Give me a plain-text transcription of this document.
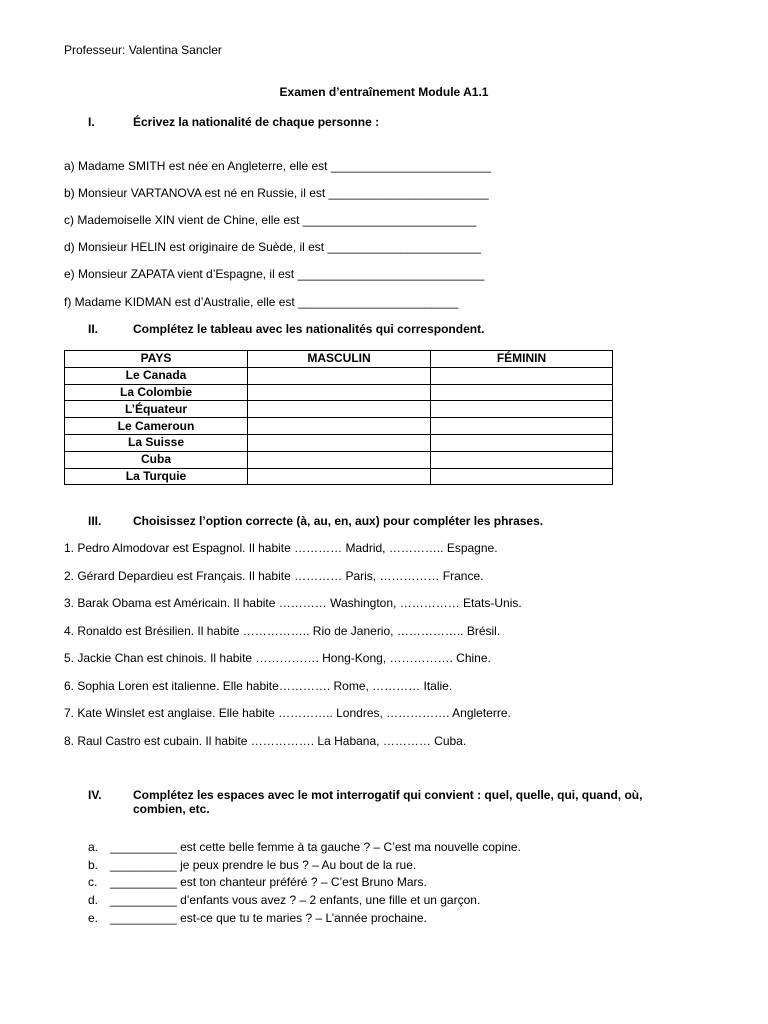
Professeur: Valentina Sancler
Examen d’entraînement Module A1.1
I.	Écrivez la nationalité de chaque personne :
a) Madame SMITH est née en Angleterre, elle est ________________________
b) Monsieur VARTANOVA est né en Russie, il est ________________________
c) Mademoiselle XIN vient de Chine, elle est __________________________
d) Monsieur HELIN est originaire de Suède, il est _______________________
e) Monsieur ZAPATA vient d’Espagne, il est ____________________________
f) Madame KIDMAN est d’Australie, elle est ________________________
II.	Complétez le tableau avec les nationalités qui correspondent.
PAYS	MASCULIN	FÉMININ
Le Canada		
La Colombie		
L’Équateur		
Le Cameroun		
La Suisse		
Cuba		
La Turquie		
III.	Choisissez l’option correcte (à, au, en, aux) pour compléter les phrases.
1. Pedro Almodovar est Espagnol. Il habite ………… Madrid, ………….. Espagne.
2. Gérard Depardieu est Français. Il habite ………… Paris, …………… France.
3. Barak Obama est Américain. Il habite ………… Washington, …………… Etats-Unis.
4. Ronaldo est Brésilien. Il habite …………….. Rio de Janerio, …………….. Brésil.
5. Jackie Chan est chinois. Il habite ……………. Hong-Kong, ……………. Chine.
6. Sophia Loren est italienne. Elle habite…………. Rome, ………… Italie.
7. Kate Winslet est anglaise. Elle habite ………….. Londres, ……………. Angleterre.
8. Raul Castro est cubain. Il habite ……………. La Habana, ………… Cuba.
IV.	Complétez les espaces avec le mot interrogatif qui convient : quel, quelle, qui, quand, où, combien, etc.
a. __________ est cette belle femme à ta gauche ? – C’est ma nouvelle copine.
b. __________ je peux prendre le bus ? – Au bout de la rue.
c. __________ est ton chanteur préféré ? – C’est Bruno Mars.
d. __________ d’enfants vous avez ? – 2 enfants, une fille et un garçon.
e. __________ est-ce que tu te maries ? – L’année prochaine.
